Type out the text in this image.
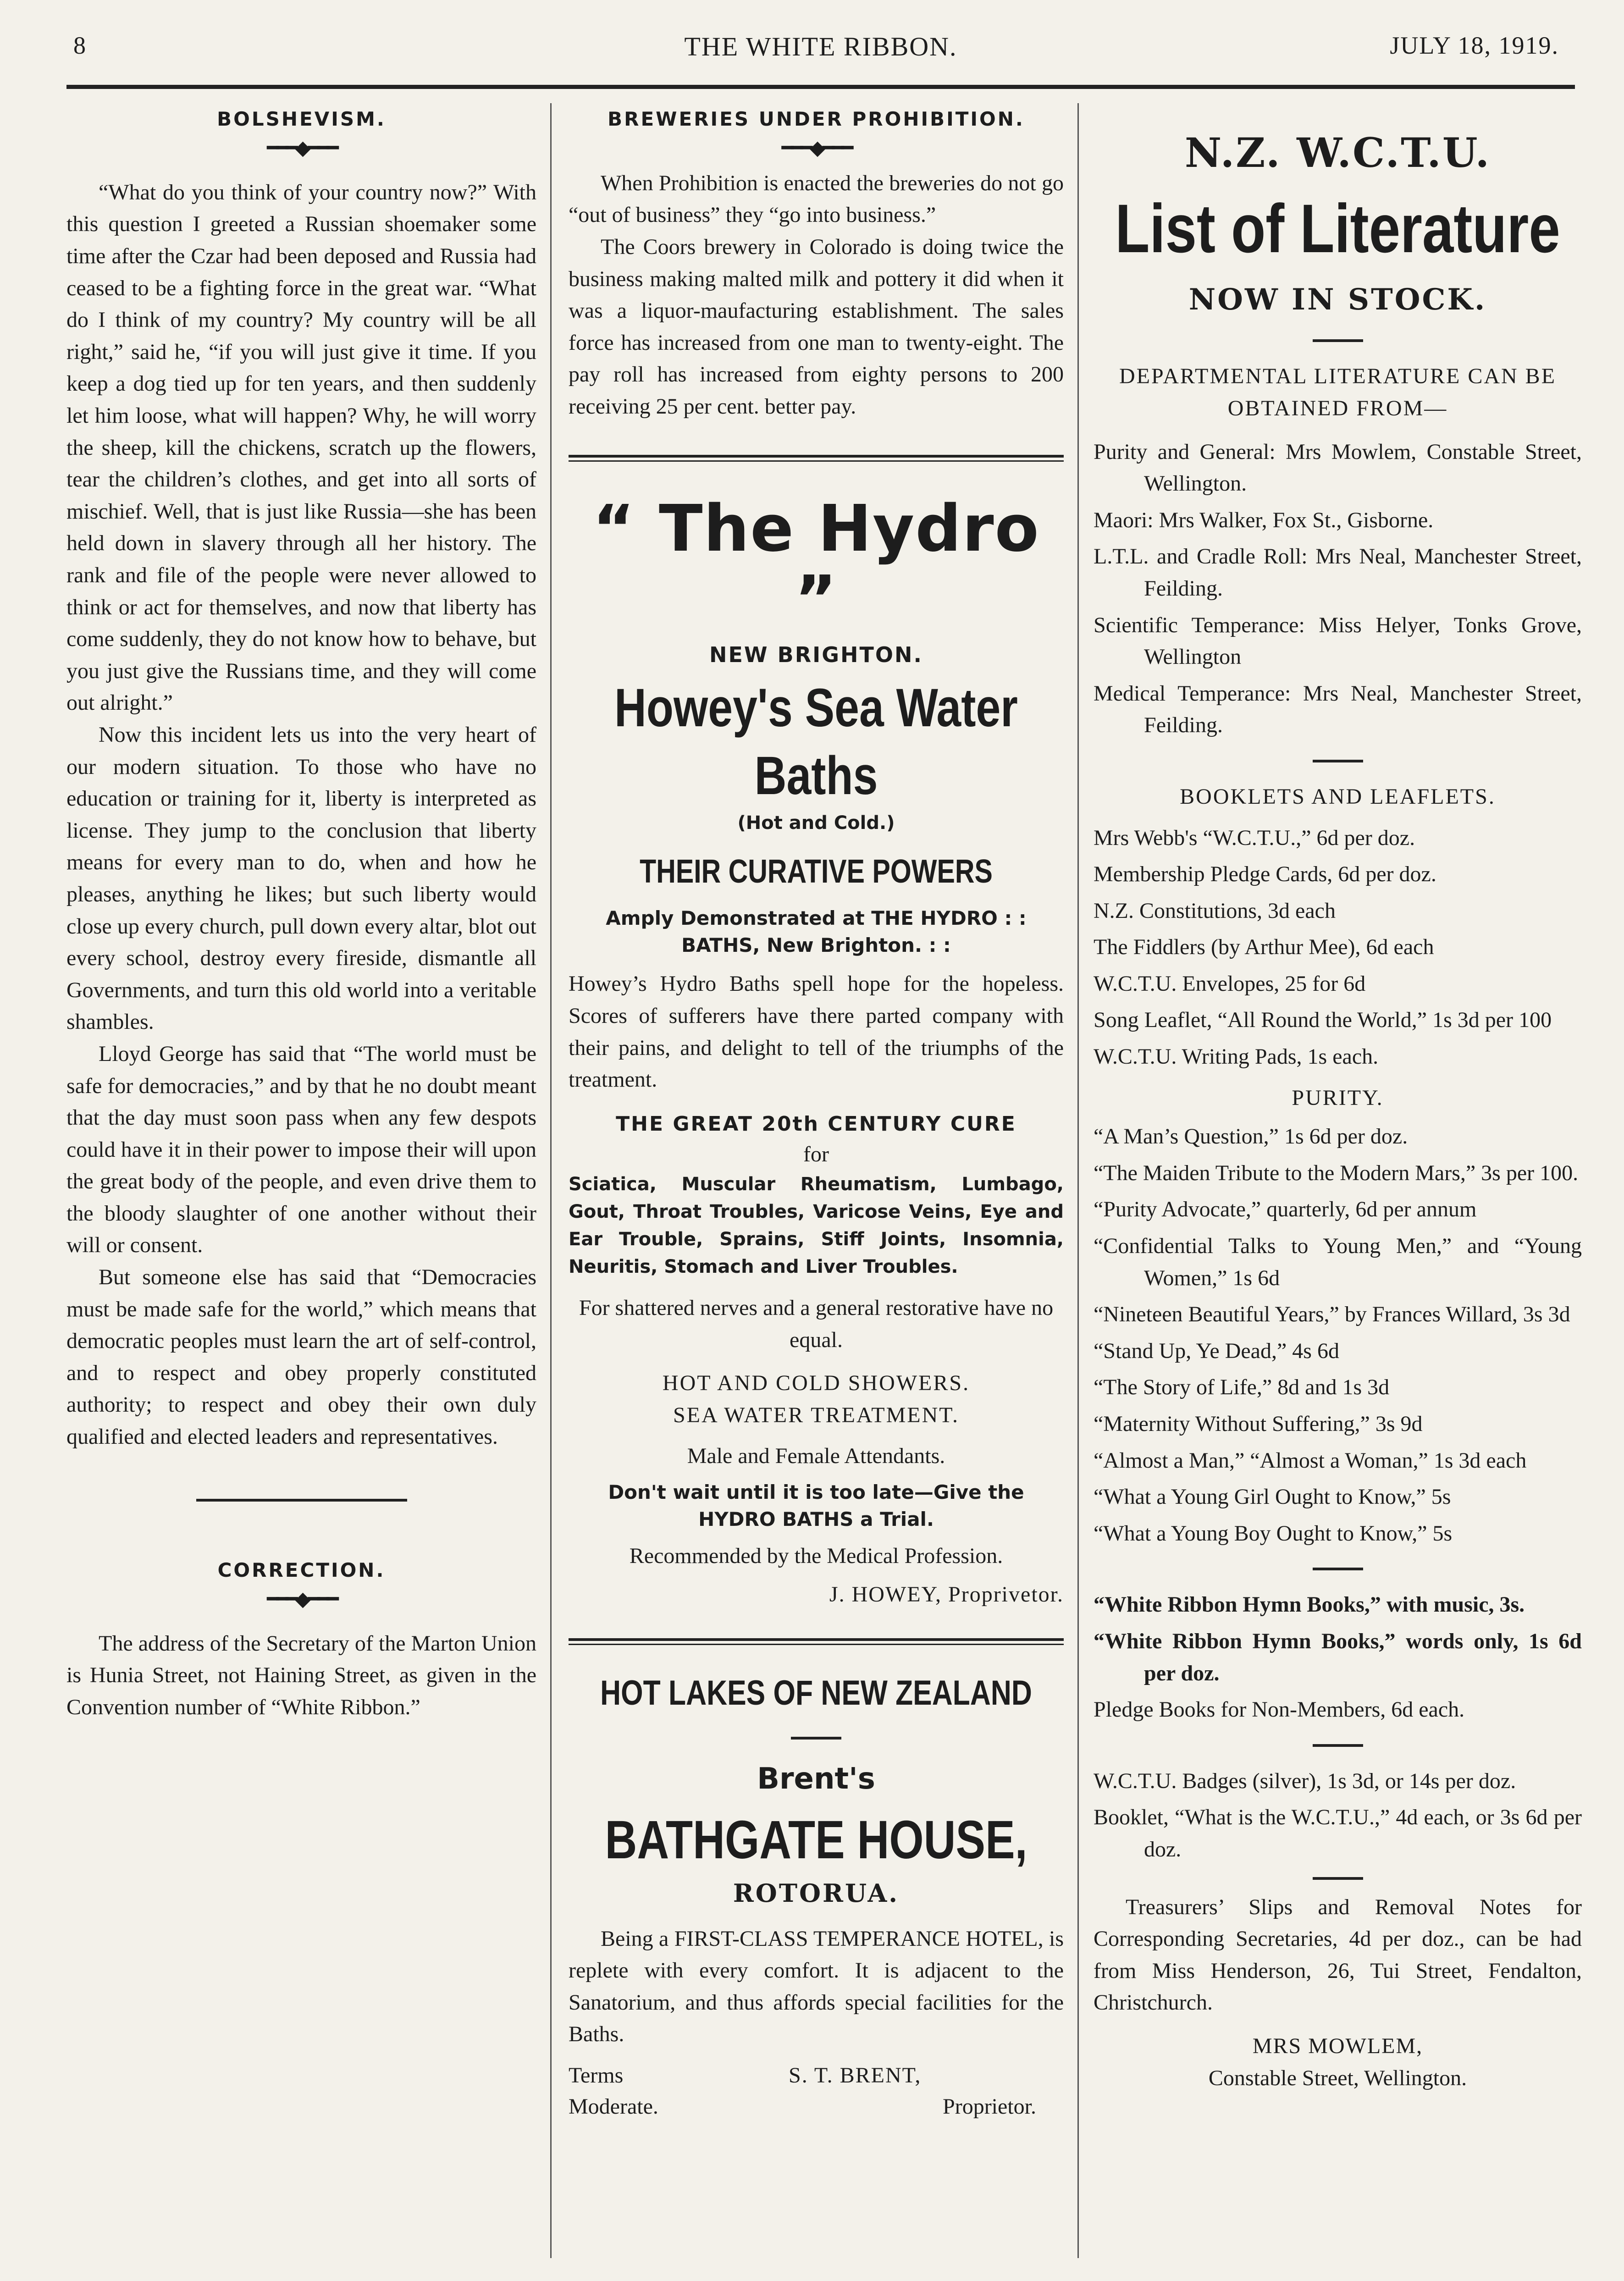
8	THE WHITE RIBBON.	JULY 18, 1919.
BOLSHEVISM.
━━━◆━━━

“What do you think of your country now?” With this question I greeted a Russian shoemaker some time after the Czar had been deposed and Russia had ceased to be a fighting force in the great war. “What do I think of my country? My country will be all right,” said he, “if you will just give it time. If you keep a dog tied up for ten years, and then suddenly let him loose, what will happen? Why, he will worry the sheep, kill the chickens, scratch up the flowers, tear the children’s clothes, and get into all sorts of mischief. Well, that is just like Russia—she has been held down in slavery through all her history. The rank and file of the people were never allowed to think or act for themselves, and now that liberty has come suddenly, they do not know how to behave, but you just give the Russians time, and they will come out alright.”

Now this incident lets us into the very heart of our modern situation. To those who have no education or training for it, liberty is interpreted as license. They jump to the conclusion that liberty means for every man to do, when and how he pleases, anything he likes; but such liberty would close up every church, pull down every altar, blot out every school, destroy every fireside, dismantle all Governments, and turn this old world into a veritable shambles.

Lloyd George has said that “The world must be safe for democracies,” and by that he no doubt meant that the day must soon pass when any few despots could have it in their power to impose their will upon the great body of the people, and even drive them to the bloody slaughter of one another without their will or consent.

But someone else has said that “Democracies must be made safe for the world,” which means that democratic peoples must learn the art of self-control, and to respect and obey properly constituted authority; to respect and obey their own duly qualified and elected leaders and representatives.

CORRECTION.
━━━◆━━━

The address of the Secretary of the Marton Union is Hunia Street, not Haining Street, as given in the Convention number of “White Ribbon.”

BREWERIES UNDER PROHIBITION.
━━━◆━━━

When Prohibition is enacted the breweries do not go “out of business” they “go into business.”

The Coors brewery in Colorado is doing twice the business making malted milk and pottery it did when it was a liquor-maufacturing establishment. The sales force has increased from one man to twenty-eight. The pay roll has increased from eighty persons to 200 receiving 25 per cent. better pay.

“ The Hydro ”
NEW BRIGHTON.
Howey's Sea Water Baths
(Hot and Cold.)
THEIR CURATIVE POWERS
Amply Demonstrated at THE HYDRO : : BATHS, New Brighton. : :

Howey’s Hydro Baths spell hope for the hopeless. Scores of sufferers have there parted company with their pains, and delight to tell of the triumphs of the treatment.

THE GREAT 20th CENTURY CURE
for

Sciatica, Muscular Rheumatism, Lumbago, Gout, Throat Troubles, Varicose Veins, Eye and Ear Trouble, Sprains, Stiff Joints, Insomnia, Neuritis, Stomach and Liver Troubles.

For shattered nerves and a general restorative have no equal.
HOT AND COLD SHOWERS.
SEA WATER TREATMENT.
Male and Female Attendants.
Don't wait until it is too late—Give the HYDRO BATHS a Trial.
Recommended by the Medical Profession.
J. HOWEY, Proprivetor.
HOT LAKES OF NEW ZEALAND
Brent's
BATHGATE HOUSE,
ROTORUA.

Being a FIRST-CLASS TEMPERANCE HOTEL, is replete with every comfort. It is adjacent to the Sanatorium, and thus affords special facilities for the Baths.

Terms
Moderate.
S. T. BRENT,
Proprietor.
N.Z. W.C.T.U.
List of Literature
NOW IN STOCK.
DEPARTMENTAL LITERATURE CAN BE OBTAINED FROM—

Purity and General: Mrs Mowlem, Constable Street, Wellington.

Maori: Mrs Walker, Fox St., Gisborne.

L.T.L. and Cradle Roll: Mrs Neal, Manchester Street, Feilding.

Scientific Temperance: Miss Helyer, Tonks Grove, Wellington

Medical Temperance: Mrs Neal, Manchester Street, Feilding.

BOOKLETS AND LEAFLETS.

Mrs Webb's “W.C.T.U.,” 6d per doz.

Membership Pledge Cards, 6d per doz.

N.Z. Constitutions, 3d each

The Fiddlers (by Arthur Mee), 6d each

W.C.T.U. Envelopes, 25 for 6d

Song Leaflet, “All Round the World,” 1s 3d per 100

W.C.T.U. Writing Pads, 1s each.

PURITY.

“A Man’s Question,” 1s 6d per doz.

“The Maiden Tribute to the Modern Mars,” 3s per 100.

“Purity Advocate,” quarterly, 6d per annum

“Confidential Talks to Young Men,” and “Young Women,” 1s 6d

“Nineteen Beautiful Years,” by Frances Willard, 3s 3d

“Stand Up, Ye Dead,” 4s 6d

“The Story of Life,” 8d and 1s 3d

“Maternity Without Suffering,” 3s 9d

“Almost a Man,” “Almost a Woman,” 1s 3d each

“What a Young Girl Ought to Know,” 5s

“What a Young Boy Ought to Know,” 5s

“White Ribbon Hymn Books,” with music, 3s.

“White Ribbon Hymn Books,” words only, 1s 6d per doz.

Pledge Books for Non-Members, 6d each.

W.C.T.U. Badges (silver), 1s 3d, or 14s per doz.

Booklet, “What is the W.C.T.U.,” 4d each, or 3s 6d per doz.

Treasurers’ Slips and Removal Notes for Corresponding Secretaries, 4d per doz., can be had from Miss Henderson, 26, Tui Street, Fendalton, Christchurch.

MRS MOWLEM,
Constable Street, Wellington.
